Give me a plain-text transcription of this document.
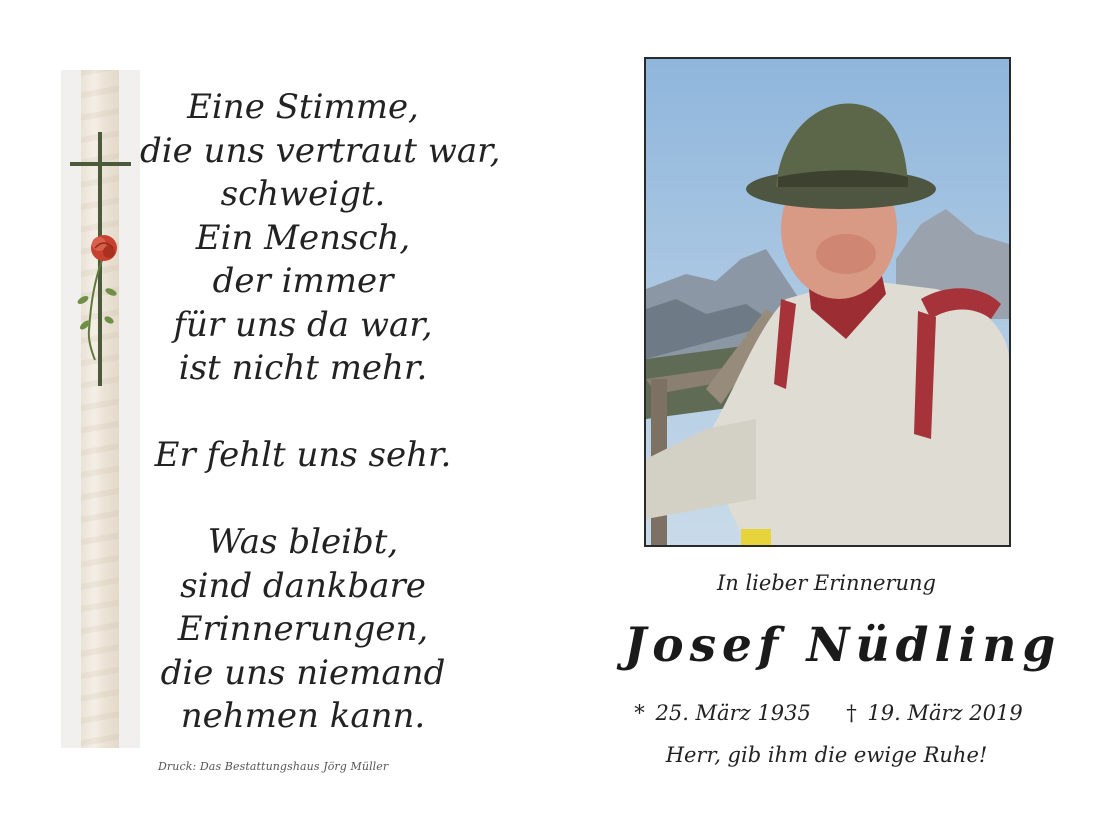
Eine Stimme,
die uns vertraut war,
schweigt.
Ein Mensch,
der immer
für uns da war,
ist nicht mehr.
Er fehlt uns sehr.
Was bleibt,
sind dankbare
Erinnerungen,
die uns niemand
nehmen kann.
Druck: Das Bestattungshaus Jörg Müller
In lieber Erinnerung
Josef Nüdling
* 25. März 1935 † 19. März 2019
Herr, gib ihm die ewige Ruhe!
